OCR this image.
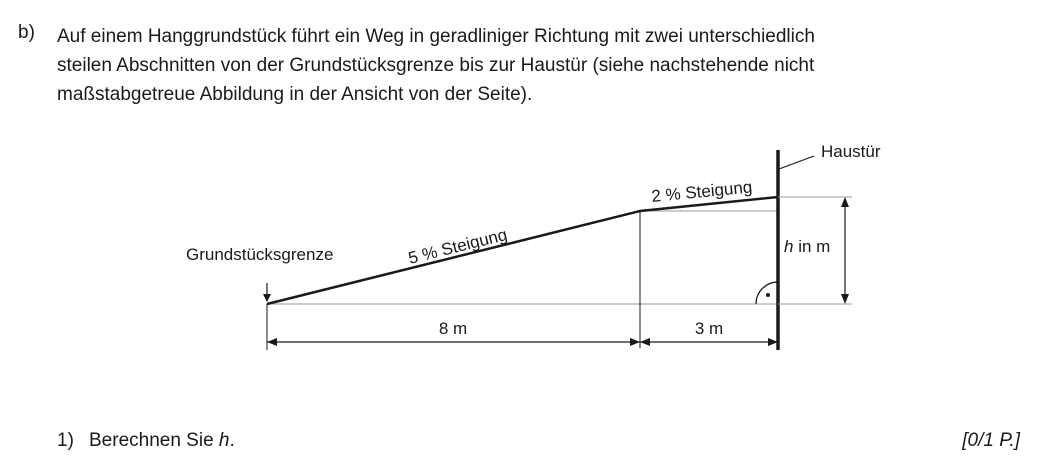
b) Auf einem Hanggrundstück führt ein Weg in geradliniger Richtung mit zwei unterschiedlich
steilen Abschnitten von der Grundstücksgrenze bis zur Haustür (siehe nachstehende nicht
maßstabgetreue Abbildung in der Ansicht von der Seite).
Grundstücksgrenze
Haustür
5 % Steigung
2 % Steigung
h in m
8 m	3 m
1) Berechnen Sie h.	[0/1 P.]
